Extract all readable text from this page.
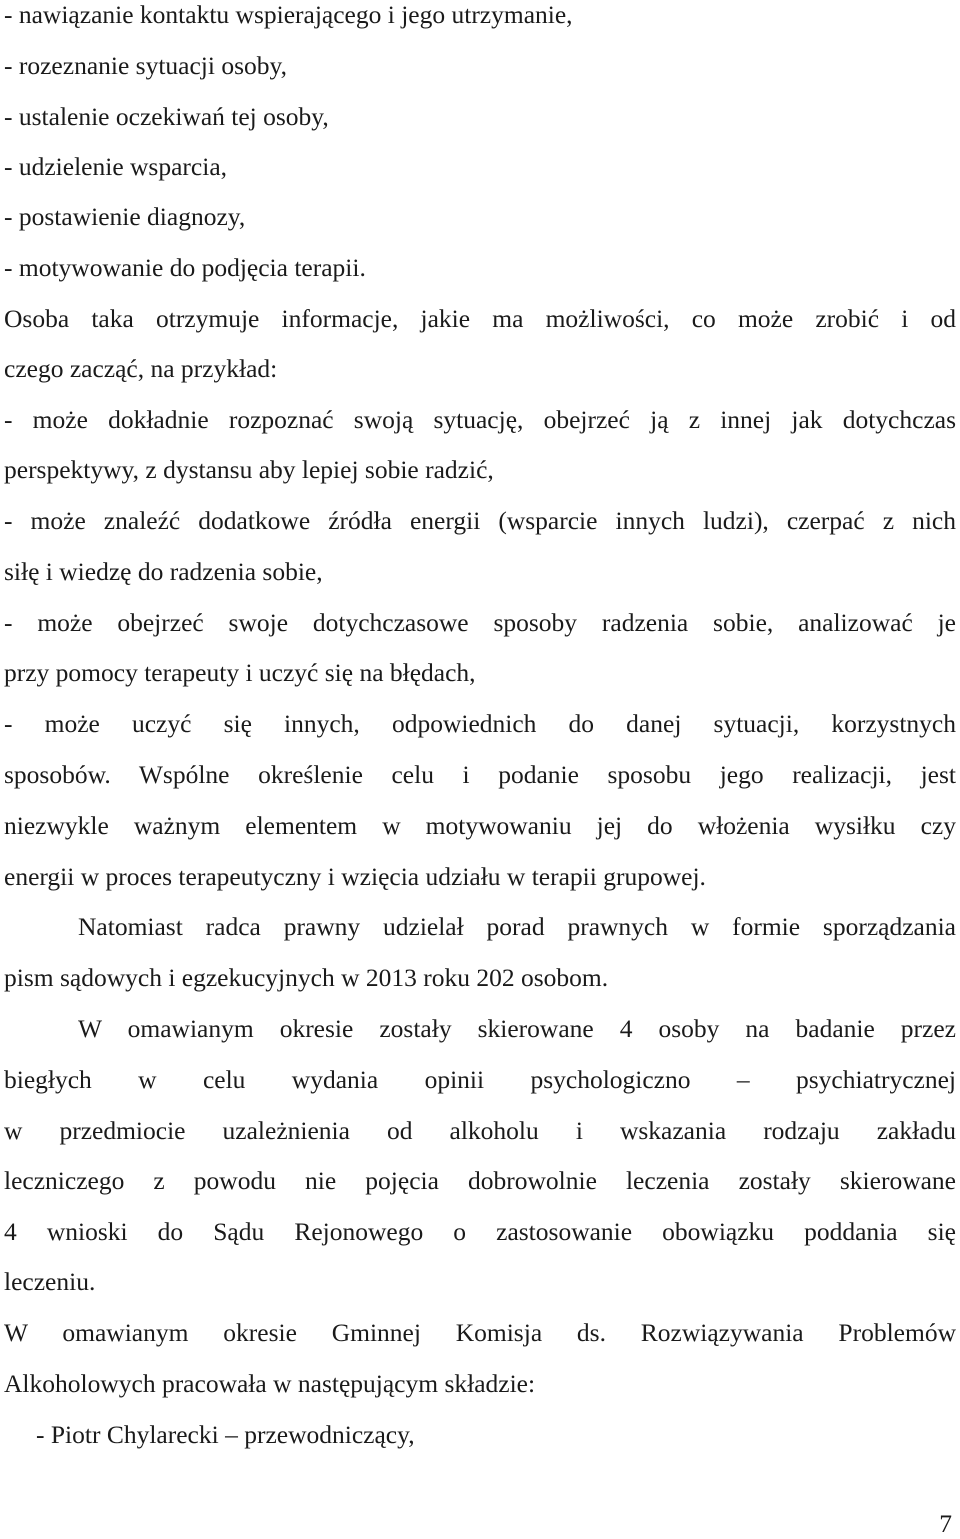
- nawiązanie kontaktu wspierającego i jego utrzymanie,
- rozeznanie sytuacji osoby,
- ustalenie oczekiwań tej osoby,
- udzielenie wsparcia,
- postawienie diagnozy,
- motywowanie do podjęcia terapii.
Osoba taka otrzymuje informacje, jakie ma możliwości, co może zrobić i od
czego zacząć, na przykład:
- może dokładnie rozpoznać swoją sytuację, obejrzeć ją z innej jak dotychczas
perspektywy, z dystansu aby lepiej sobie radzić,
- może znaleźć dodatkowe źródła energii (wsparcie innych ludzi), czerpać z nich
siłę i wiedzę do radzenia sobie,
- może obejrzeć swoje dotychczasowe sposoby radzenia sobie, analizować je
przy pomocy terapeuty i uczyć się na błędach,
- może uczyć się innych, odpowiednich do danej sytuacji, korzystnych
sposobów. Wspólne określenie celu i podanie sposobu jego realizacji, jest
niezwykle ważnym elementem w motywowaniu jej do włożenia wysiłku czy
energii w proces terapeutyczny i wzięcia udziału w terapii grupowej.
Natomiast radca prawny udzielał porad prawnych w formie sporządzania
pism sądowych i egzekucyjnych w 2013 roku 202 osobom.
W omawianym okresie zostały skierowane 4 osoby na badanie przez
biegłych w celu wydania opinii psychologiczno – psychiatrycznej
w przedmiocie uzależnienia od alkoholu i wskazania rodzaju zakładu
leczniczego z powodu nie pojęcia dobrowolnie leczenia zostały skierowane
4 wnioski do Sądu Rejonowego o zastosowanie obowiązku poddania się
leczeniu.
W omawianym okresie Gminnej Komisja ds. Rozwiązywania Problemów
Alkoholowych pracowała w następującym składzie:
- Piotr Chylarecki – przewodniczący,
7
